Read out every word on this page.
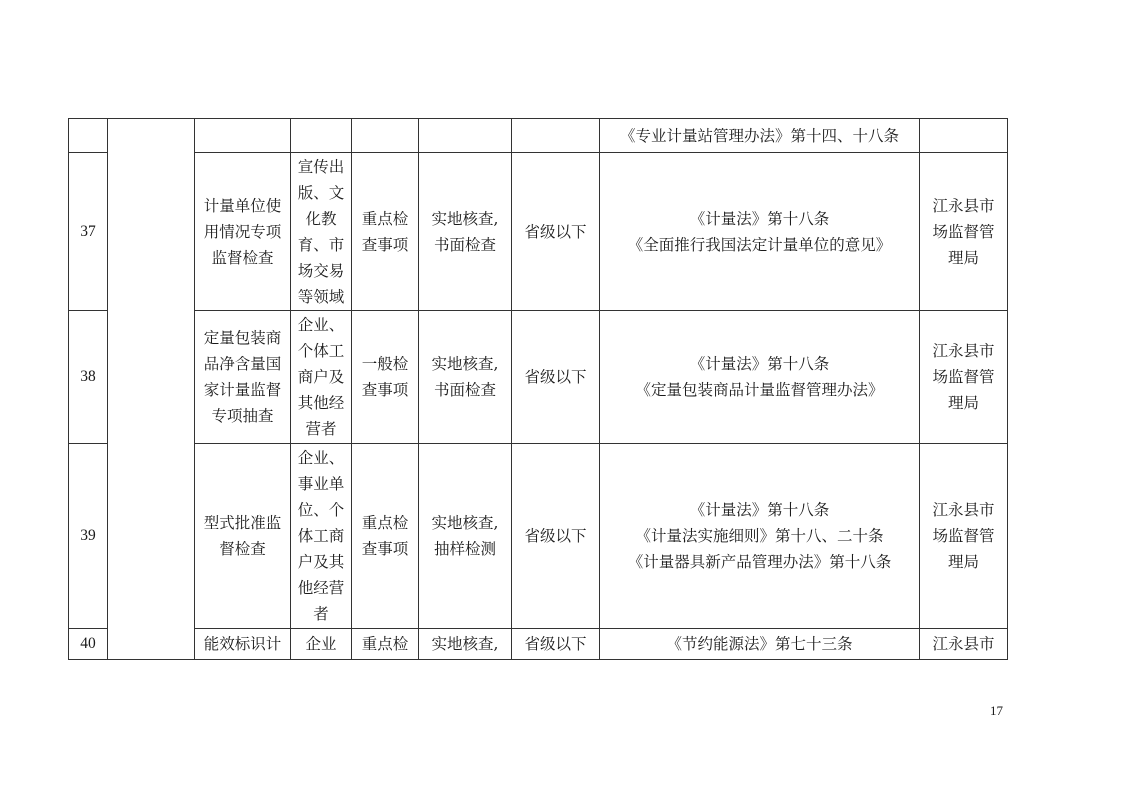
							《专业计量站管理办法》第十四、十八条	

37		计量单位使用情况专项监督检查	宣传出版、文化教育、市场交易等领域	重点检查事项	实地核查,书面检查	省级以下	《计量法》第十八条
《全面推行我国法定计量单位的意见》	江永县市场监督管理局
38		定量包装商品净含量国家计量监督专项抽查	企业、个体工商户及其他经营者	一般检查事项	实地核查,书面检查	省级以下	《计量法》第十八条
《定量包装商品计量监督管理办法》	江永县市场监督管理局
39		型式批准监督检查	企业、事业单位、个体工商户及其他经营者	重点检查事项	实地核查,抽样检测	省级以下	《计量法》第十八条
《计量法实施细则》第十八、二十条
《计量器具新产品管理办法》第十八条	江永县市场监督管理局
40		能效标识计	企业	重点检	实地核查,	省级以下	《节约能源法》第七十三条	江永县市
17
